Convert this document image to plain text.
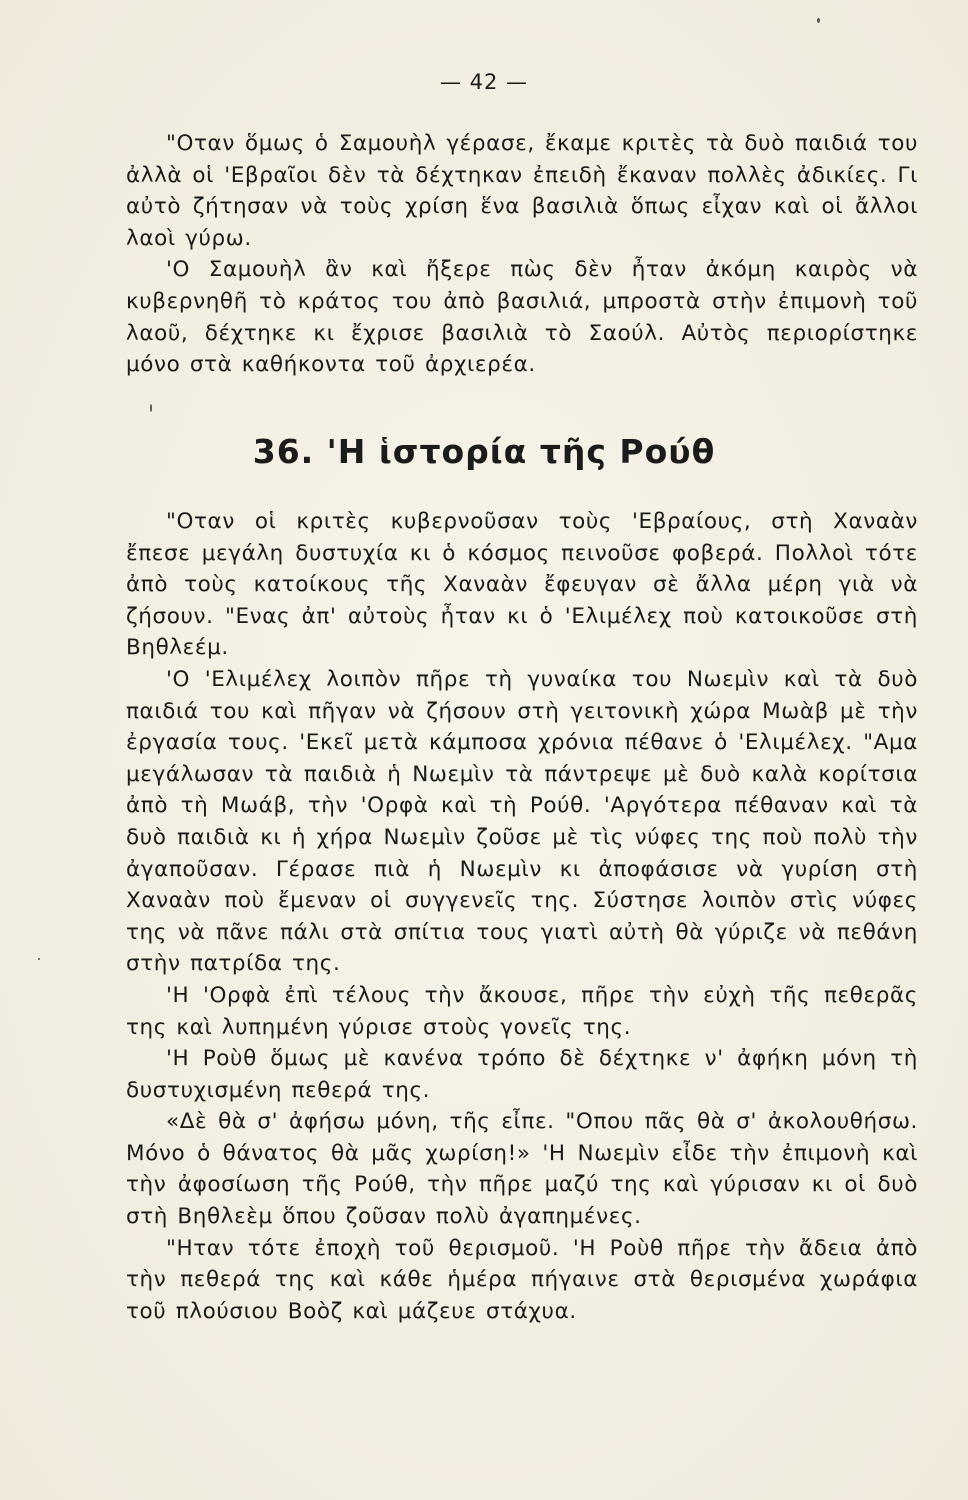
— 42 —

"Οταν ὅμως ὁ Σαμουὴλ γέρασε, ἔκαμε κριτὲς τὰ δυὸ παιδιά του ἀλλὰ οἱ 'Εβραῖοι δὲν τὰ δέχτηκαν ἐπειδὴ ἔκαναν πολλὲς ἀδικίες. Γι αὐτὸ ζήτησαν νὰ τοὺς χρίση ἕνα βασιλιὰ ὅπως εἶχαν καὶ οἱ ἄλλοι λαοὶ γύρω.

'Ο Σαμουὴλ ἂν καὶ ἤξερε πὼς δὲν ἦταν ἀκόμη καιρὸς νὰ κυβερνηθῆ τὸ κράτος του ἀπὸ βασιλιά, μπροστὰ στὴν ἐπιμονὴ τοῦ λαοῦ, δέχτηκε κι ἔχρισε βασιλιὰ τὸ Σαούλ. Αὐτὸς περιορίστηκε μόνο στὰ καθήκοντα τοῦ ἀρχιερέα.

36. 'Η ἱστορία τῆς Ρούθ

"Οταν οἱ κριτὲς κυβερνοῦσαν τοὺς 'Εβραίους, στὴ Χαναὰν ἔπεσε μεγάλη δυστυχία κι ὁ κόσμος πεινοῦσε φοβερά. Πολλοὶ τότε ἀπὸ τοὺς κατοίκους τῆς Χαναὰν ἔφευγαν σὲ ἄλλα μέρη γιὰ νὰ ζήσουν. "Ενας ἀπ' αὐτοὺς ἦταν κι ὁ 'Ελιμέλεχ ποὺ κατοικοῦσε στὴ Βηθλεέμ.

'Ο 'Ελιμέλεχ λοιπὸν πῆρε τὴ γυναίκα του Νωεμὶν καὶ τὰ δυὸ παιδιά του καὶ πῆγαν νὰ ζήσουν στὴ γειτονικὴ χώρα Μωὰβ μὲ τὴν ἐργασία τους. 'Εκεῖ μετὰ κάμποσα χρόνια πέθανε ὁ 'Ελιμέλεχ. "Αμα μεγάλωσαν τὰ παιδιὰ ἡ Νωεμὶν τὰ πάντρεψε μὲ δυὸ καλὰ κορίτσια ἀπὸ τὴ Μωάβ, τὴν 'Ορφὰ καὶ τὴ Ρούθ. 'Αργότερα πέθαναν καὶ τὰ δυὸ παιδιὰ κι ἡ χήρα Νωεμὶν ζοῦσε μὲ τὶς νύφες της ποὺ πολὺ τὴν ἀγαποῦσαν. Γέρασε πιὰ ἡ Νωεμὶν κι ἀποφάσισε νὰ γυρίση στὴ Χαναὰν ποὺ ἔμεναν οἱ συγγενεῖς της. Σύστησε λοιπὸν στὶς νύφες της νὰ πᾶνε πάλι στὰ σπίτια τους γιατὶ αὐτὴ θὰ γύριζε νὰ πεθάνη στὴν πατρίδα της.

'Η 'Ορφὰ ἐπὶ τέλους τὴν ἄκουσε, πῆρε τὴν εὐχὴ τῆς πεθερᾶς της καὶ λυπημένη γύρισε στοὺς γονεῖς της.

'Η Ροὺθ ὅμως μὲ κανένα τρόπο δὲ δέχτηκε ν' ἀφήκη μόνη τὴ δυστυχισμένη πεθερά της.

«Δὲ θὰ σ' ἀφήσω μόνη, τῆς εἶπε. "Οπου πᾶς θὰ σ' ἀκολουθήσω. Μόνο ὁ θάνατος θὰ μᾶς χωρίση!» 'Η Νωεμὶν εἶδε τὴν ἐπιμονὴ καὶ τὴν ἀφοσίωση τῆς Ρούθ, τὴν πῆρε μαζύ της καὶ γύρισαν κι οἱ δυὸ στὴ Βηθλεὲμ ὅπου ζοῦσαν πολὺ ἀγαπημένες.

"Ηταν τότε ἐποχὴ τοῦ θερισμοῦ. 'Η Ροὺθ πῆρε τὴν ἄδεια ἀπὸ τὴν πεθερά της καὶ κάθε ἡμέρα πήγαινε στὰ θερισμένα χωράφια τοῦ πλούσιου Βοὸζ καὶ μάζευε στάχυα.
